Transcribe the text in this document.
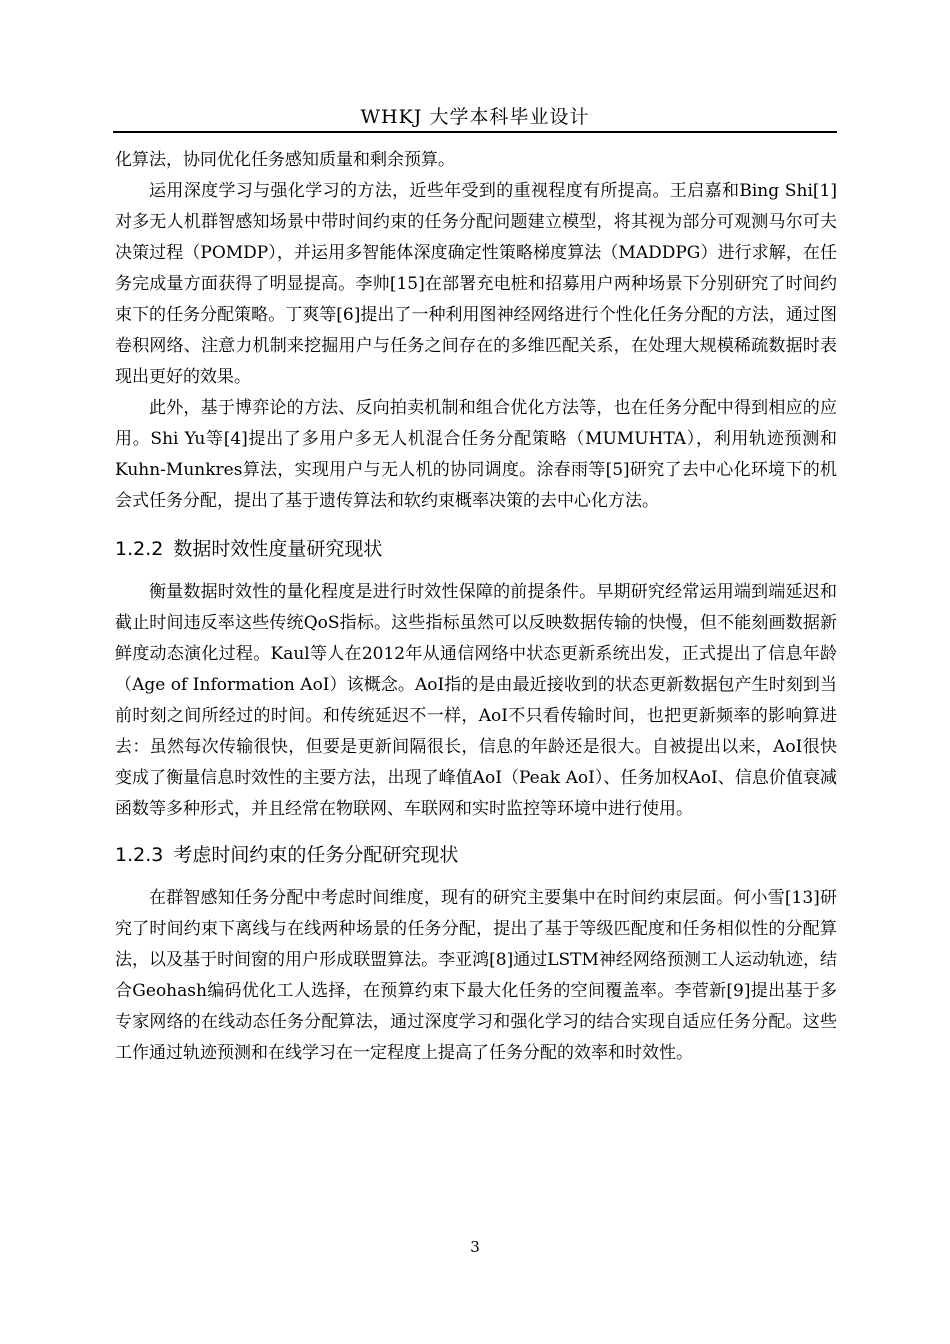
WHKJ 大学本科毕业设计

化算法，协同优化任务感知质量和剩余预算。

运用深度学习与强化学习的方法，近些年受到的重视程度有所提高。王启嘉和Bing Shi[1]对多无人机群智感知场景中带时间约束的任务分配问题建立模型，将其视为部分可观测马尔可夫决策过程（POMDP），并运用多智能体深度确定性策略梯度算法（MADDPG）进行求解，在任务完成量方面获得了明显提高。李帅[15]在部署充电桩和招募用户两种场景下分别研究了时间约束下的任务分配策略。丁爽等[6]提出了一种利用图神经网络进行个性化任务分配的方法，通过图卷积网络、注意力机制来挖掘用户与任务之间存在的多维匹配关系，在处理大规模稀疏数据时表现出更好的效果。

此外，基于博弈论的方法、反向拍卖机制和组合优化方法等，也在任务分配中得到相应的应用。Shi Yu等[4]提出了多用户多无人机混合任务分配策略（MUMUHTA），利用轨迹预测和Kuhn-Munkres算法，实现用户与无人机的协同调度。涂春雨等[5]研究了去中心化环境下的机会式任务分配，提出了基于遗传算法和软约束概率决策的去中心化方法。

1.2.2 数据时效性度量研究现状

衡量数据时效性的量化程度是进行时效性保障的前提条件。早期研究经常运用端到端延迟和截止时间违反率这些传统QoS指标。这些指标虽然可以反映数据传输的快慢，但不能刻画数据新鲜度动态演化过程。Kaul等人在2012年从通信网络中状态更新系统出发，正式提出了信息年龄（Age of Information AoI）该概念。AoI指的是由最近接收到的状态更新数据包产生时刻到当前时刻之间所经过的时间。和传统延迟不一样，AoI不只看传输时间，也把更新频率的影响算进去：虽然每次传输很快，但要是更新间隔很长，信息的年龄还是很大。自被提出以来，AoI很快变成了衡量信息时效性的主要方法，出现了峰值AoI（Peak AoI）、任务加权AoI、信息价值衰减函数等多种形式，并且经常在物联网、车联网和实时监控等环境中进行使用。

1.2.3 考虑时间约束的任务分配研究现状

在群智感知任务分配中考虑时间维度，现有的研究主要集中在时间约束层面。何小雪[13]研究了时间约束下离线与在线两种场景的任务分配，提出了基于等级匹配度和任务相似性的分配算法，以及基于时间窗的用户形成联盟算法。李亚鸿[8]通过LSTM神经网络预测工人运动轨迹，结合Geohash编码优化工人选择，在预算约束下最大化任务的空间覆盖率。李菅新[9]提出基于多专家网络的在线动态任务分配算法，通过深度学习和强化学习的结合实现自适应任务分配。这些工作通过轨迹预测和在线学习在一定程度上提高了任务分配的效率和时效性。

3
